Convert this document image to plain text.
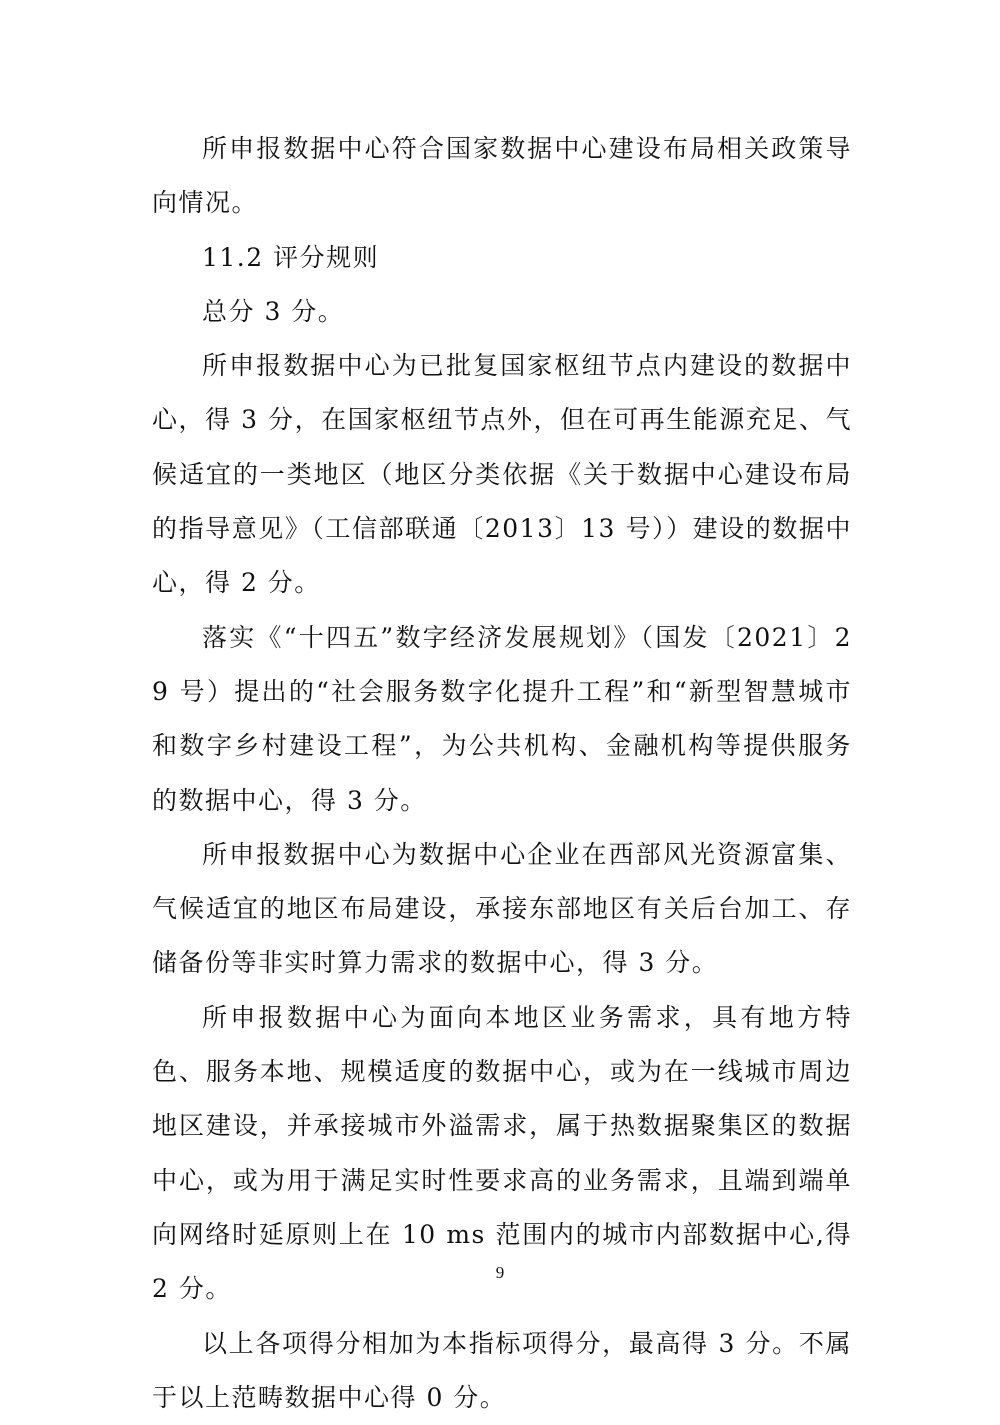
所申报数据中心符合国家数据中心建设布局相关政策导向情况。

11.2 评分规则

总分 3 分。

所申报数据中心为已批复国家枢纽节点内建设的数据中心，得 3 分，在国家枢纽节点外，但在可再生能源充足、气候适宜的一类地区（地区分类依据《关于数据中心建设布局的指导意见》（工信部联通〔2013〕13 号））建设的数据中心，得 2 分。

落实《“十四五”数字经济发展规划》（国发〔2021〕29 号）提出的“社会服务数字化提升工程”和“新型智慧城市和数字乡村建设工程”，为公共机构、金融机构等提供服务的数据中心，得 3 分。

所申报数据中心为数据中心企业在西部风光资源富集、气候适宜的地区布局建设，承接东部地区有关后台加工、存储备份等非实时算力需求的数据中心，得 3 分。

所申报数据中心为面向本地区业务需求，具有地方特色、服务本地、规模适度的数据中心，或为在一线城市周边地区建设，并承接城市外溢需求，属于热数据聚集区的数据中心，或为用于满足实时性要求高的业务需求，且端到端单向网络时延原则上在 10 ms 范围内的城市内部数据中心,得 2 分。

以上各项得分相加为本指标项得分，最高得 3 分。不属于以上范畴数据中心得 0 分。

9
